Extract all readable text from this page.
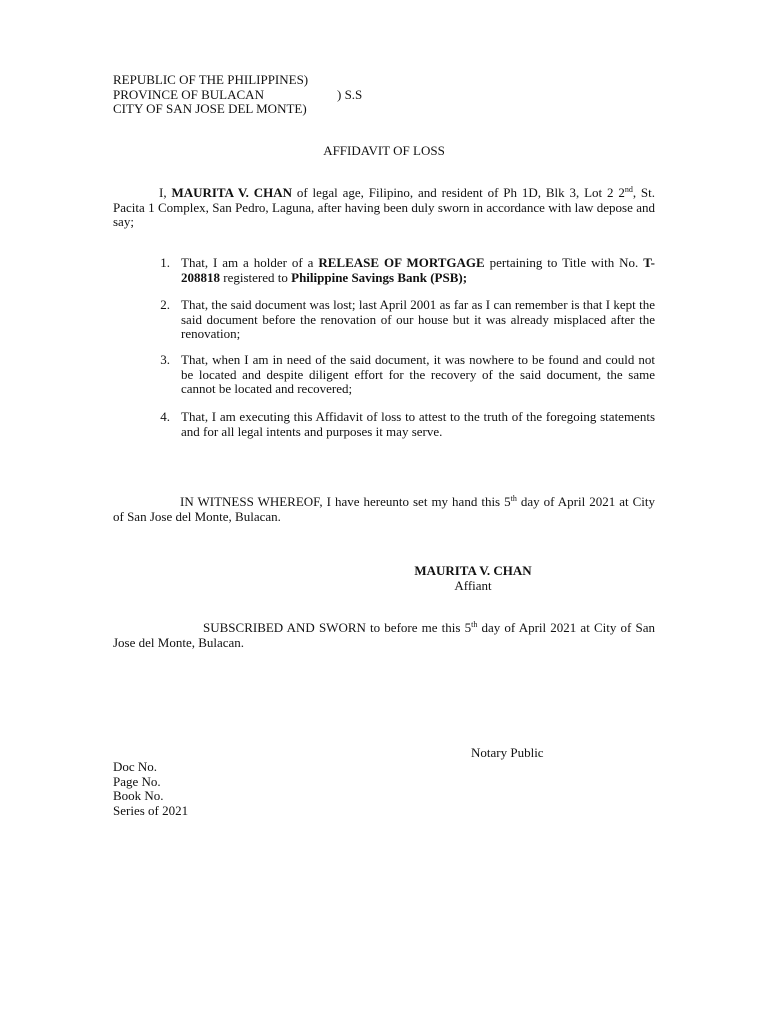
REPUBLIC OF THE PHILIPPINES)
PROVINCE OF BULACAN	) S.S
CITY OF SAN JOSE DEL MONTE)
AFFIDAVIT OF LOSS
I, MAURITA V. CHAN of legal age, Filipino, and resident of Ph 1D, Blk 3, Lot 2 2nd, St. Pacita 1 Complex, San Pedro, Laguna, after having been duly sworn in accordance with law depose and say;
1. That, I am a holder of a RELEASE OF MORTGAGE pertaining to Title with No. T-208818 registered to Philippine Savings Bank (PSB);
2. That, the said document was lost; last April 2001 as far as I can remember is that I kept the said document before the renovation of our house but it was already misplaced after the renovation;
3. That, when I am in need of the said document, it was nowhere to be found and could not be located and despite diligent effort for the recovery of the said document, the same cannot be located and recovered;
4. That, I am executing this Affidavit of loss to attest to the truth of the foregoing statements and for all legal intents and purposes it may serve.
IN WITNESS WHEREOF, I have hereunto set my hand this 5th day of April 2021 at City of San Jose del Monte, Bulacan.
MAURITA V. CHAN
Affiant
SUBSCRIBED AND SWORN to before me this 5th day of April 2021 at City of San Jose del Monte, Bulacan.
Notary Public
Doc No.
Page No.
Book No.
Series of 2021
